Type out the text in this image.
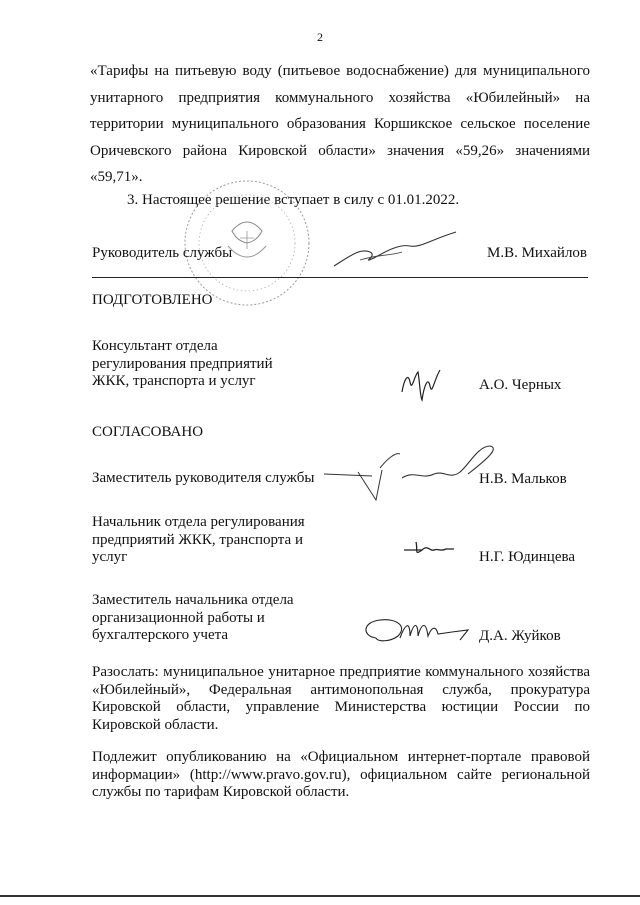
2
«Тарифы на питьевую воду (питьевое водоснабжение) для муниципального
унитарного предприятия коммунального хозяйства «Юбилейный» на
территории муниципального образования Коршикское сельское поселение
Оричевского района Кировской области» значения «59,26» значениями
«59,71».
3. Настоящее решение вступает в силу с 01.01.2022.
Руководитель службы	М.В. Михайлов
ПОДГОТОВЛЕНО
Консультант отдела
регулирования предприятий
ЖКК, транспорта и услуг	А.О. Черных
СОГЛАСОВАНО
Заместитель руководителя службы	Н.В. Мальков
Начальник отдела регулирования
предприятий ЖКК, транспорта и
услуг	Н.Г. Юдинцева
Заместитель начальника отдела
организационной работы и
бухгалтерского учета	Д.А. Жуйков
Разослать: муниципальное унитарное предприятие коммунального хозяйства
«Юбилейный», Федеральная антимонопольная служба, прокуратура
Кировской области, управление Министерства юстиции России по
Кировской области.
Подлежит опубликованию на «Официальном интернет-портале правовой
информации» (http://www.pravo.gov.ru), официальном сайте региональной
службы по тарифам Кировской области.
